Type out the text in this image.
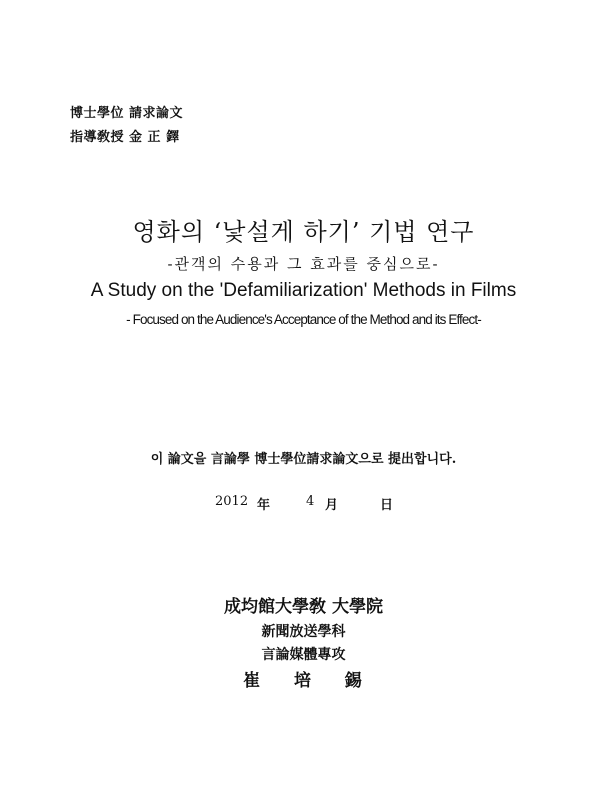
博士學位 請求論文
指導敎授 金 正 鐸
영화의 ‘낯설게 하기’ 기법 연구
-관객의 수용과 그 효과를 중심으로-
A Study on the 'Defamiliarization' Methods in Films
- Focused on the Audience's Acceptance of the Method and its Effect-
이 論文을 言論學 博士學位請求論文으로 提出합니다.
2012 年	4 月	日
成均館大學敎 大學院
新聞放送學科
言論媒體專攻
崔 培 錫
